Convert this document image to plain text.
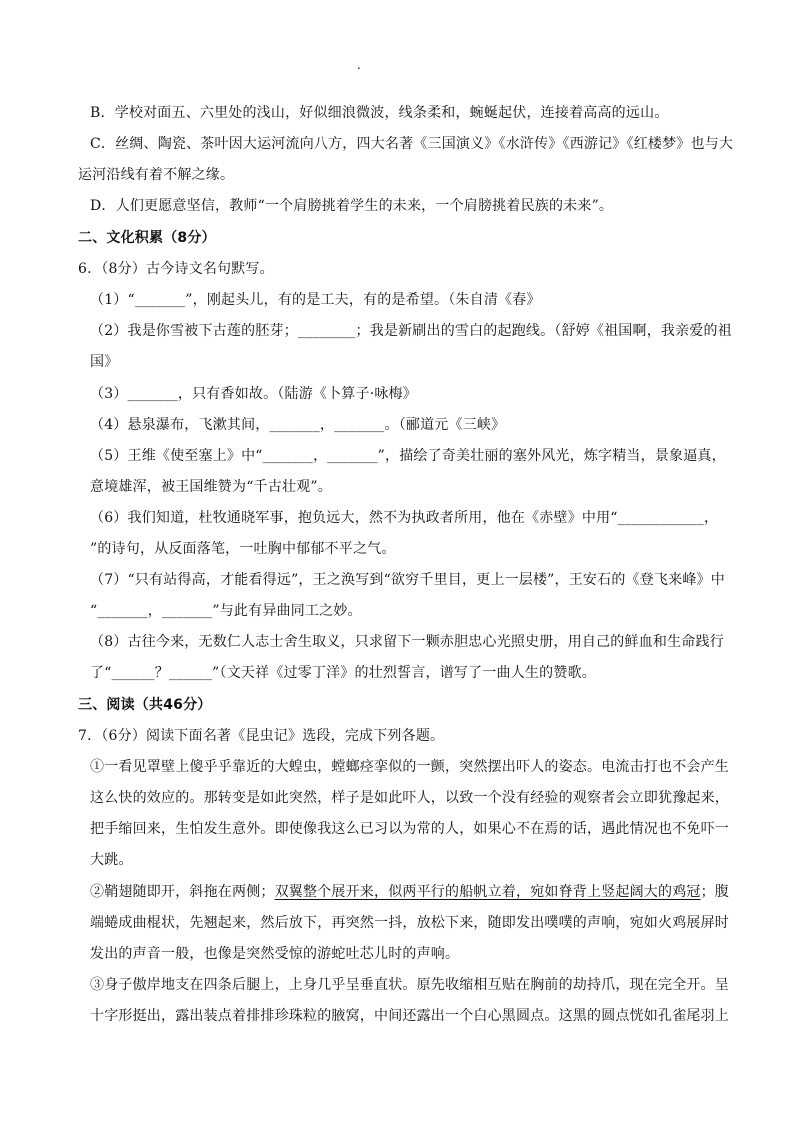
.
B．学校对面五、六里处的浅山，好似细浪微波，线条柔和，蜿蜒起伏，连接着高高的远山。
C．丝绸、陶瓷、茶叶因大运河流向八方，四大名著《三国演义》《水浒传》《西游记》《红楼梦》也与大
运河沿线有着不解之缘。
D．人们更愿意坚信，教师“一个肩膀挑着学生的未来，一个肩膀挑着民族的未来”。
二、文化积累（8分）
6．（8分）古今诗文名句默写。
（1）“_______”，刚起头儿，有的是工夫，有的是希望。（朱自清《春》
（2）我是你雪被下古莲的胚芽；________；我是新刷出的雪白的起跑线。（舒婷《祖国啊，我亲爱的祖
国》
（3）_______，只有香如故。（陆游《卜算子·咏梅》
（4）悬泉瀑布，飞漱其间，_______，_______。（郦道元《三峡》
（5）王维《使至塞上》中“_______，_______”，描绘了奇美壮丽的塞外风光，炼字精当，景象逼真，
意境雄浑，被王国维赞为“千古壮观”。
（6）我们知道，杜牧通晓军事，抱负远大，然不为执政者所用，他在《赤壁》中用“____________，
”的诗句，从反面落笔，一吐胸中郁郁不平之气。
（7）“只有站得高，才能看得远”，王之涣写到“欲穷千里目，更上一层楼”，王安石的《登飞来峰》中
“_______，_______”与此有异曲同工之妙。
（8）古往今来，无数仁人志士舍生取义，只求留下一颗赤胆忠心光照史册，用自己的鲜血和生命践行
了“______？______”（文天祥《过零丁洋》的壮烈誓言，谱写了一曲人生的赞歌。
三、阅读（共46分）
7．（6分）阅读下面名著《昆虫记》选段，完成下列各题。
①一看见罩壁上傻乎乎靠近的大蝗虫，螳螂痉挛似的一颤，突然摆出吓人的姿态。电流击打也不会产生
这么快的效应的。那转变是如此突然，样子是如此吓人，以致一个没有经验的观察者会立即犹豫起来，
把手缩回来，生怕发生意外。即使像我这么已习以为常的人，如果心不在焉的话，遇此情况也不免吓一
大跳。
②鞘翅随即开，斜拖在两侧；双翼整个展开来，似两平行的船帆立着，宛如脊背上竖起阔大的鸡冠；腹
端蜷成曲棍状，先翘起来，然后放下，再突然一抖，放松下来，随即发出噗噗的声响，宛如火鸡展屏时
发出的声音一般，也像是突然受惊的游蛇吐芯儿时的声响。
③身子傲岸地支在四条后腿上，上身几乎呈垂直状。原先收缩相互贴在胸前的劫持爪，现在完全开。呈
十字形挺出，露出装点着排排珍珠粒的腋窝，中间还露出一个白心黑圆点。这黑的圆点恍如孔雀尾羽上
